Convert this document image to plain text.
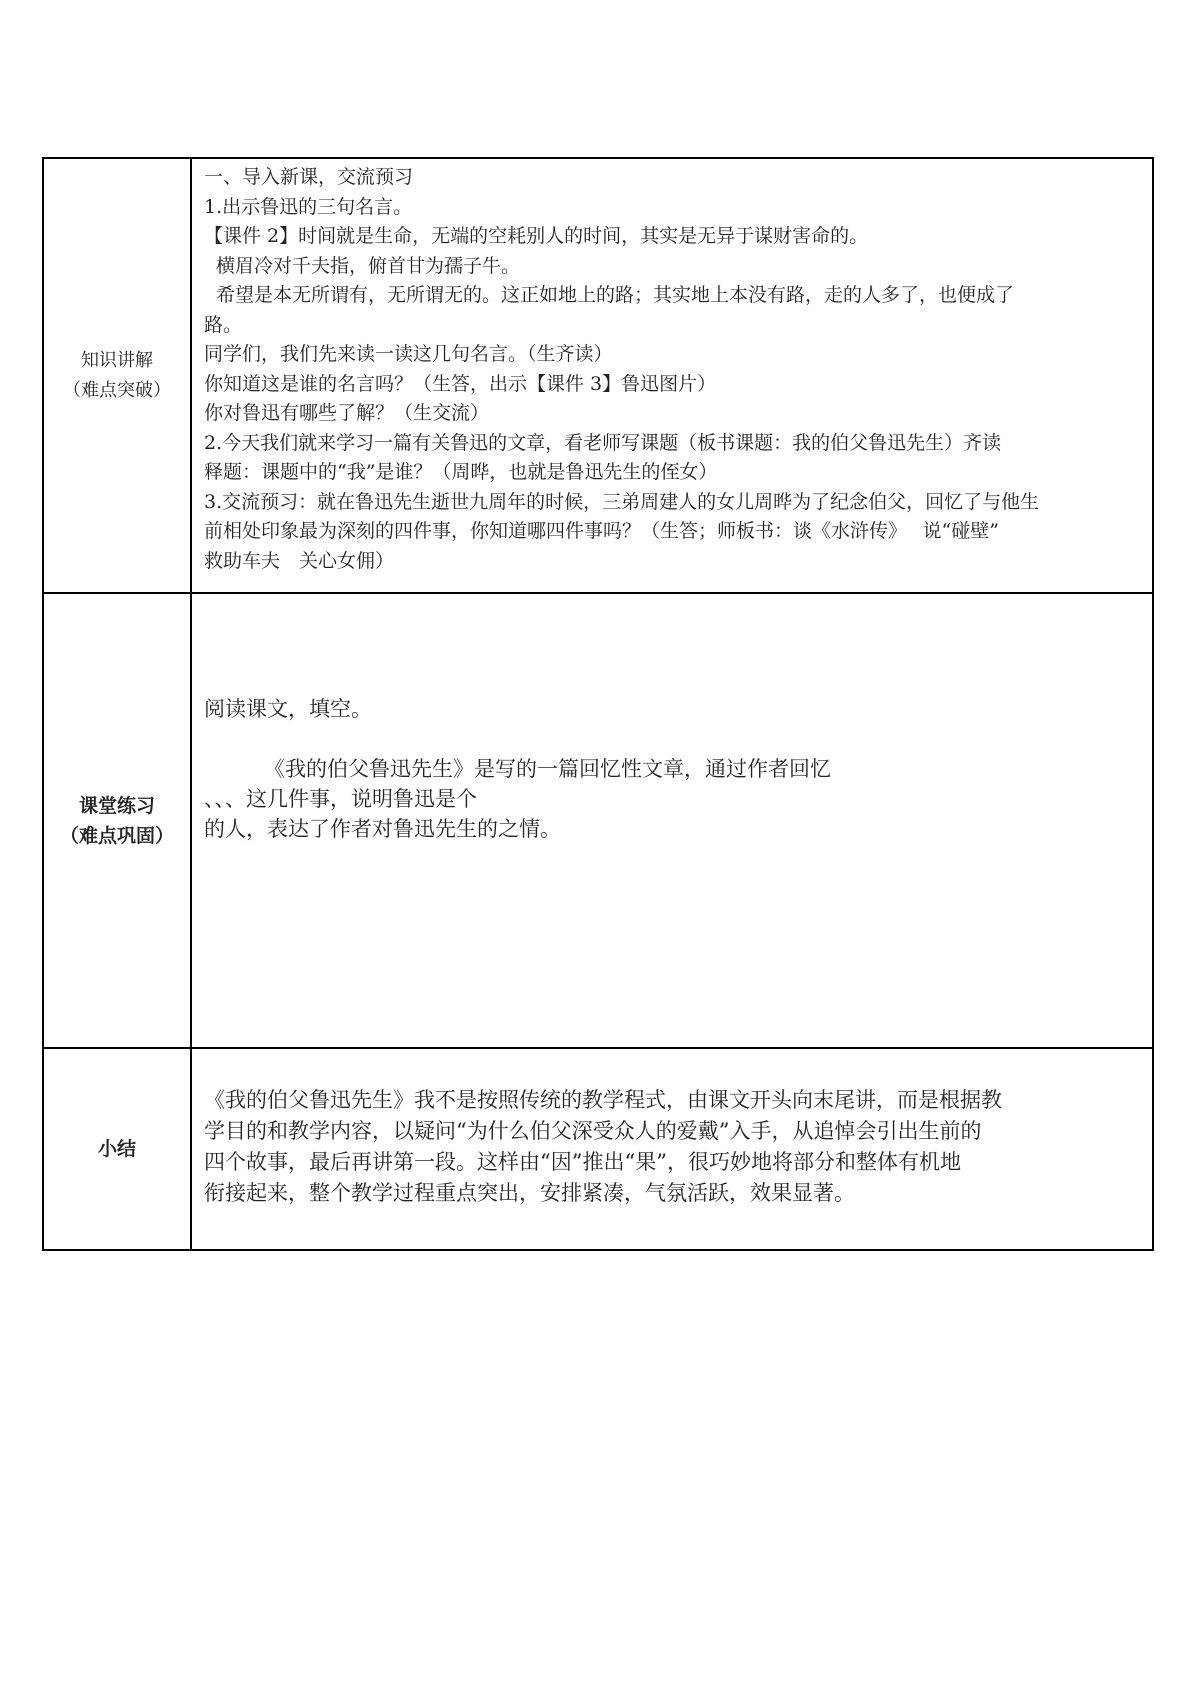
知识讲解
（难点突破）
一、导入新课，交流预习
1.出示鲁迅的三句名言。
【课件 2】时间就是生命，无端的空耗别人的时间，其实是无异于谋财害命的。
横眉冷对千夫指，俯首甘为孺子牛。
希望是本无所谓有，无所谓无的。这正如地上的路；其实地上本没有路，走的人多了，也便成了
路。
同学们，我们先来读一读这几句名言。（生齐读）
你知道这是谁的名言吗？（生答，出示【课件 3】鲁迅图片）
你对鲁迅有哪些了解？（生交流）
2.今天我们就来学习一篇有关鲁迅的文章，看老师写课题（板书课题：我的伯父鲁迅先生）齐读
释题：课题中的“我”是谁？（周晔，也就是鲁迅先生的侄女）
3.交流预习：就在鲁迅先生逝世九周年的时候，三弟周建人的女儿周晔为了纪念伯父，回忆了与他生
前相处印象最为深刻的四件事，你知道哪四件事吗？（生答；师板书：谈《水浒传》　 说“碰壁”
救助车夫　关心女佣）
课堂练习
（难点巩固）
阅读课文，填空。
《我的伯父鲁迅先生》是写的一篇回忆性文章，通过作者回忆
、、、这几件事，说明鲁迅是个
的人，表达了作者对鲁迅先生的之情。
小结
《我的伯父鲁迅先生》我不是按照传统的教学程式，由课文开头向末尾讲，而是根据教
学目的和教学内容，以疑问“为什么伯父深受众人的爱戴”入手，从追悼会引出生前的
四个故事，最后再讲第一段。这样由“因”推出“果”，很巧妙地将部分和整体有机地
衔接起来，整个教学过程重点突出，安排紧凑，气氛活跃，效果显著。
